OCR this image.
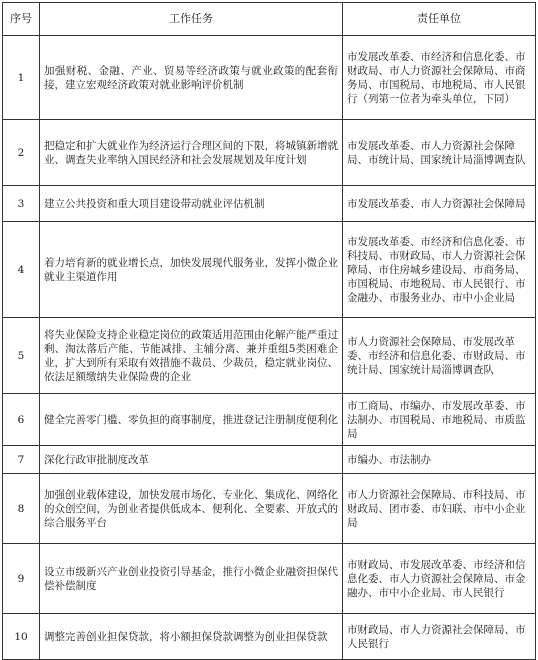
序号	工作任务	责任单位
1	加强财税、金融、产业、贸易等经济政策与就业政策的配套衔接，建立宏观经济政策对就业影响评价机制	市发展改革委、市经济和信息化委、市财政局、市人力资源社会保障局、市商务局、市国税局、市地税局、市人民银行（列第一位者为牵头单位，下同）
2	把稳定和扩大就业作为经济运行合理区间的下限，将城镇新增就业、调查失业率纳入国民经济和社会发展规划及年度计划	市发展改革委、市人力资源社会保障局、市统计局、国家统计局淄博调查队
3	建立公共投资和重大项目建设带动就业评估机制	市发展改革委、市人力资源社会保障局
4	着力培育新的就业增长点，加快发展现代服务业，发挥小微企业就业主渠道作用	市发展改革委、市经济和信息化委、市科技局、市财政局、市人力资源社会保障局、市住房城乡建设局、市商务局、市国税局、市地税局、市人民银行、市金融办、市服务业办、市中小企业局
5	将失业保险支持企业稳定岗位的政策适用范围由化解产能严重过剩、淘汰落后产能、节能减排、主辅分离、兼并重组5类困难企业，扩大到所有采取有效措施不裁员、少裁员，稳定就业岗位、依法足额缴纳失业保险费的企业	市人力资源社会保障局、市发展改革委、市经济和信息化委、市财政局、市统计局、国家统计局淄博调查队
6	健全完善零门槛、零负担的商事制度，推进登记注册制度便利化	市工商局、市编办、市发展改革委、市法制办、市国税局、市地税局、市质监局
7	深化行政审批制度改革	市编办、市法制办
8	加强创业载体建设，加快发展市场化、专业化、集成化、网络化的众创空间，为创业者提供低成本、便利化、全要素、开放式的综合服务平台	市人力资源社会保障局、市科技局、市财政局、团市委、市妇联、市中小企业局
9	设立市级新兴产业创业投资引导基金，推行小微企业融资担保代偿补偿制度	市财政局、市发展改革委、市经济和信息化委、市人力资源社会保障局、市金融办、市中小企业局、市人民银行
10	调整完善创业担保贷款，将小额担保贷款调整为创业担保贷款	市财政局、市人力资源社会保障局、市人民银行
